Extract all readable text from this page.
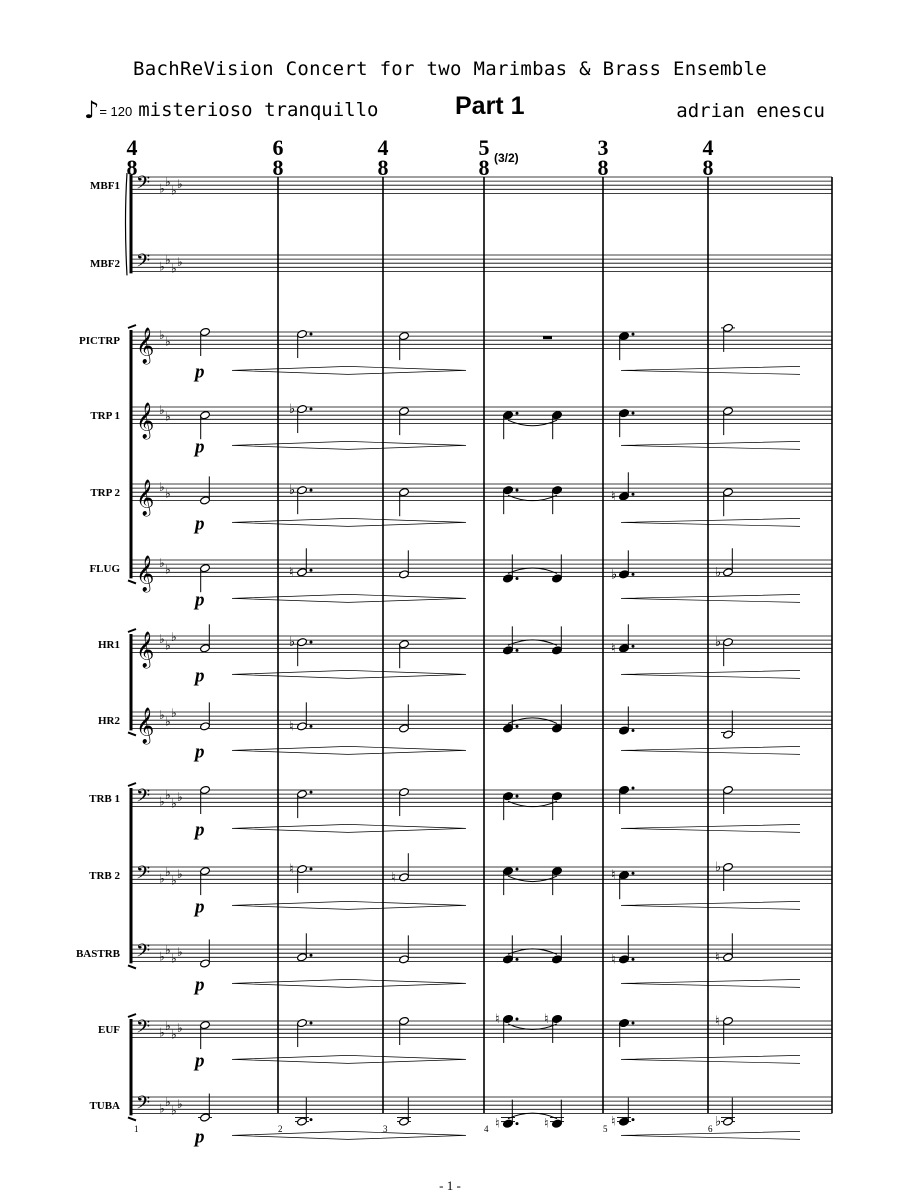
BachReVision Concert for two Marimbas & Brass Ensemble
♪= 120 misterioso tranquillo	Part 1	adrian enescu
4
8
6
8
4
8
5
8 (3/2)	3
8
4
8
1	2	3	4	5	6
MBF1 𝄢 ♭ ♭
♭ ♭
MBF2 𝄢 ♭ ♭
♭ ♭
PICTRP 𝄞 ♭ ♭
p
TRP 1 𝄞 ♭ ♭	♭
p
TRP 2 𝄞 ♭ ♭	♭	♮
p
FLUG 𝄞 ♭ ♭	♮	♭	♭
p
HR1 𝄞 ♭ ♭
♭	♭	♮	♭
p
HR2 𝄞 ♭ ♭
♭
♮
p
TRB 1 𝄢 ♭ ♭
♭ ♭
p
TRB 2 𝄢 ♭ ♭
♭ ♭	♮
♮	♮
♭
p
BASTRB 𝄢 ♭ ♭
♭ ♭
♮	♮
p
EUF 𝄢 ♭ ♭
♭ ♭
♮	♮	♮
p
TUBA 𝄢 ♭ ♭
♭ ♭
♮	♮	♮	♭
p
- 1 -
